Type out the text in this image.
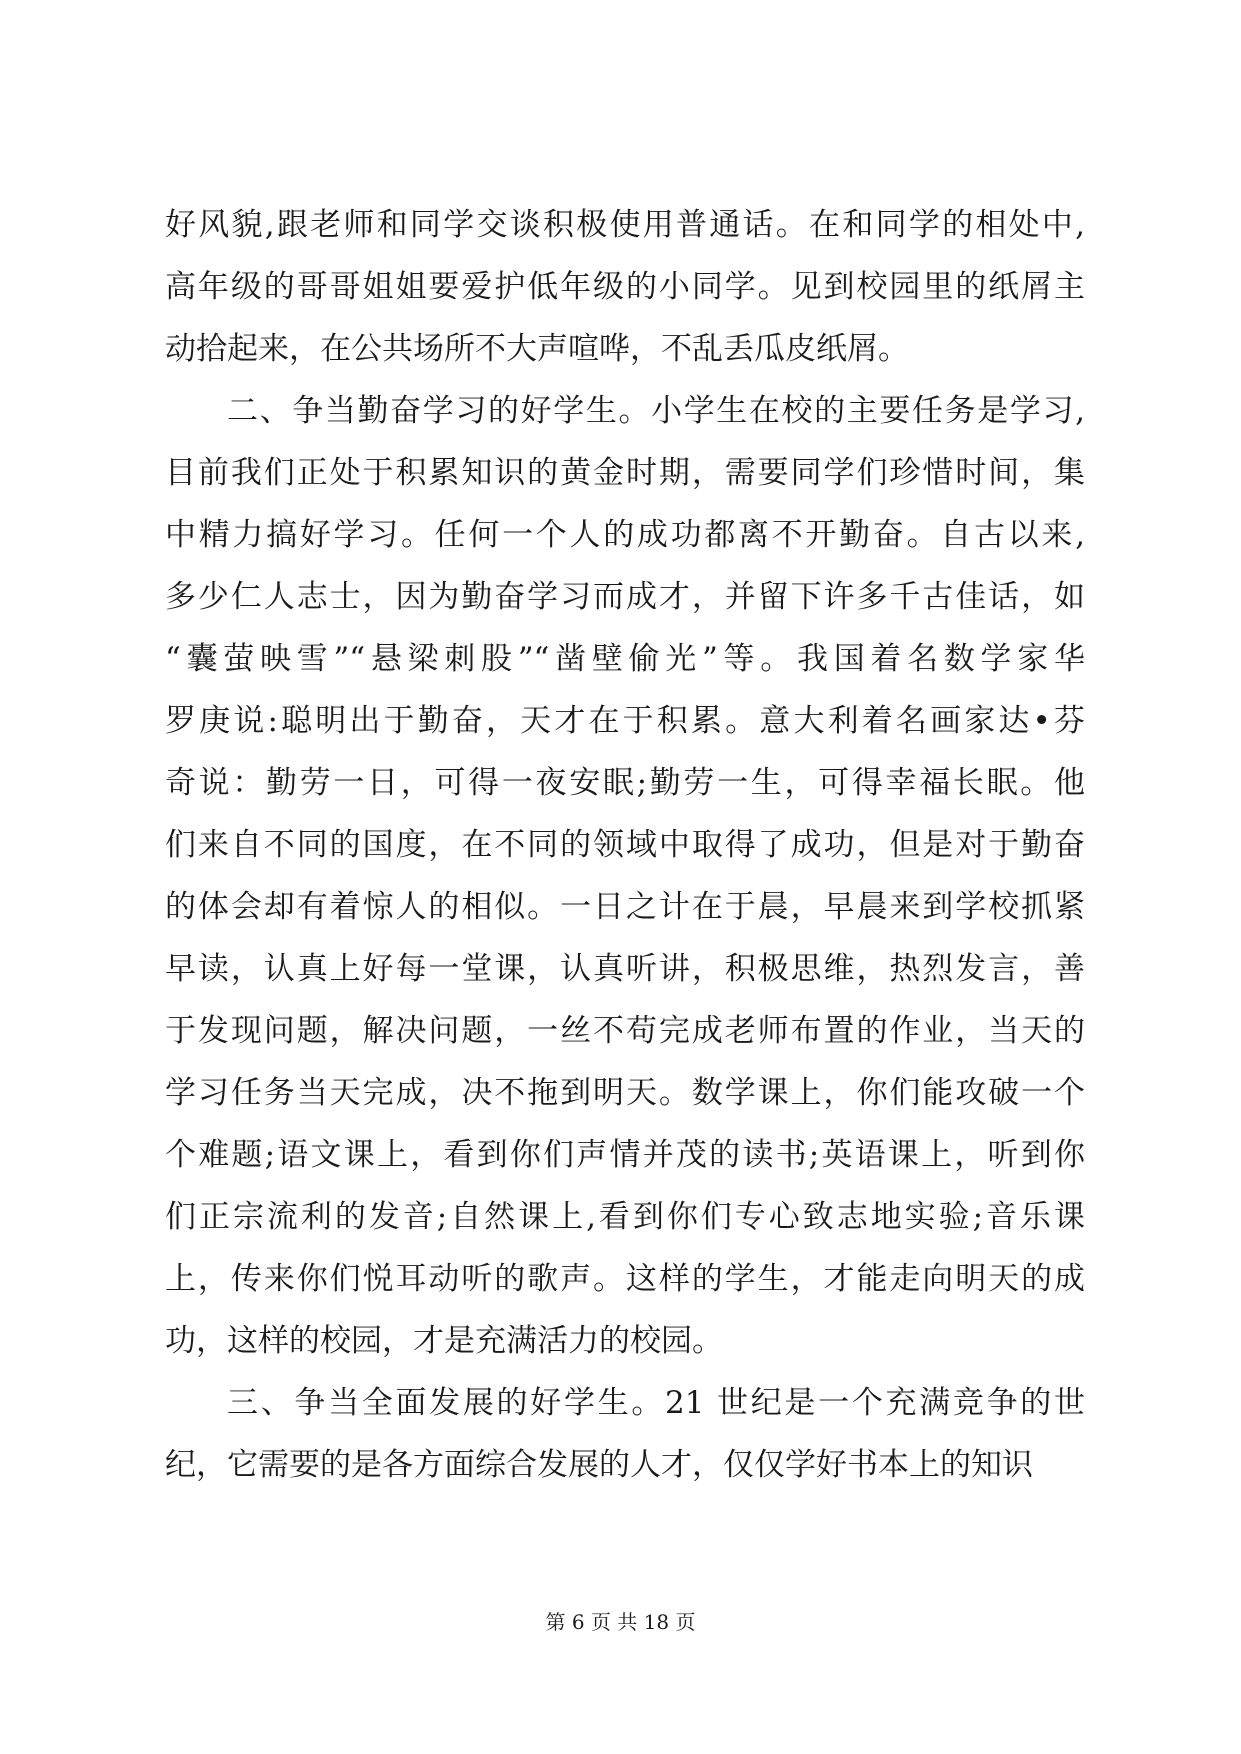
好风貌,跟老师和同学交谈积极使用普通话。在和同学的相处中,
高年级的哥哥姐姐要爱护低年级的小同学。见到校园里的纸屑主
动拾起来，在公共场所不大声喧哗，不乱丢瓜皮纸屑。
二、争当勤奋学习的好学生。小学生在校的主要任务是学习,
目前我们正处于积累知识的黄金时期，需要同学们珍惜时间，集
中精力搞好学习。任何一个人的成功都离不开勤奋。自古以来,
多少仁人志士，因为勤奋学习而成才，并留下许多千古佳话，如
“囊萤映雪”“悬梁刺股”“凿壁偷光”等。我国着名数学家华
罗庚说:聪明出于勤奋，天才在于积累。意大利着名画家达•芬
奇说：勤劳一日，可得一夜安眠;勤劳一生，可得幸福长眠。他
们来自不同的国度，在不同的领域中取得了成功，但是对于勤奋
的体会却有着惊人的相似。一日之计在于晨，早晨来到学校抓紧
早读，认真上好每一堂课，认真听讲，积极思维，热烈发言，善
于发现问题，解决问题，一丝不苟完成老师布置的作业，当天的
学习任务当天完成，决不拖到明天。数学课上，你们能攻破一个
个难题;语文课上，看到你们声情并茂的读书;英语课上，听到你
们正宗流利的发音;自然课上,看到你们专心致志地实验;音乐课
上，传来你们悦耳动听的歌声。这样的学生，才能走向明天的成
功，这样的校园，才是充满活力的校园。
三、争当全面发展的好学生。21 世纪是一个充满竞争的世
纪，它需要的是各方面综合发展的人才，仅仅学好书本上的知识
第 6 页 共 18 页
